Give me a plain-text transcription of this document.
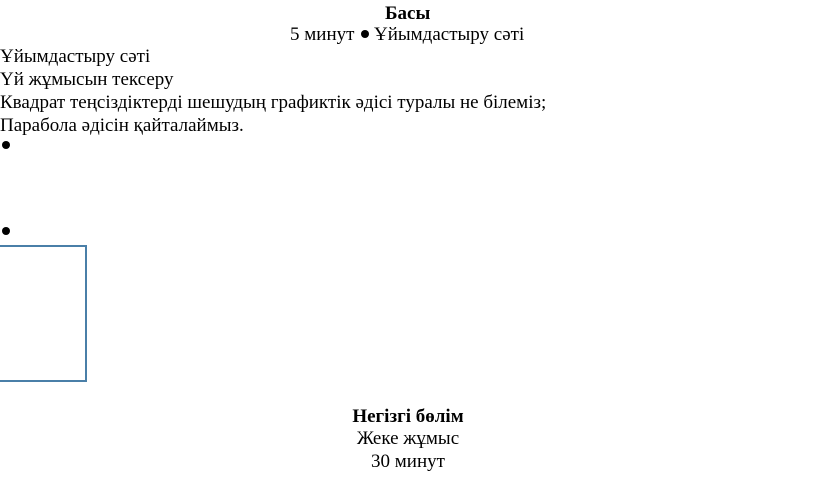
Басы
5 минут Ұйымдастыру сәті
Ұйымдастыру сәті
Үй жұмысын тексеру
Квадрат теңсіздіктерді шешудың графиктік әдісі туралы не білеміз;
Парабола әдісін қайталаймыз.
Негізгі бөлім
Жеке жұмыс
30 минут
